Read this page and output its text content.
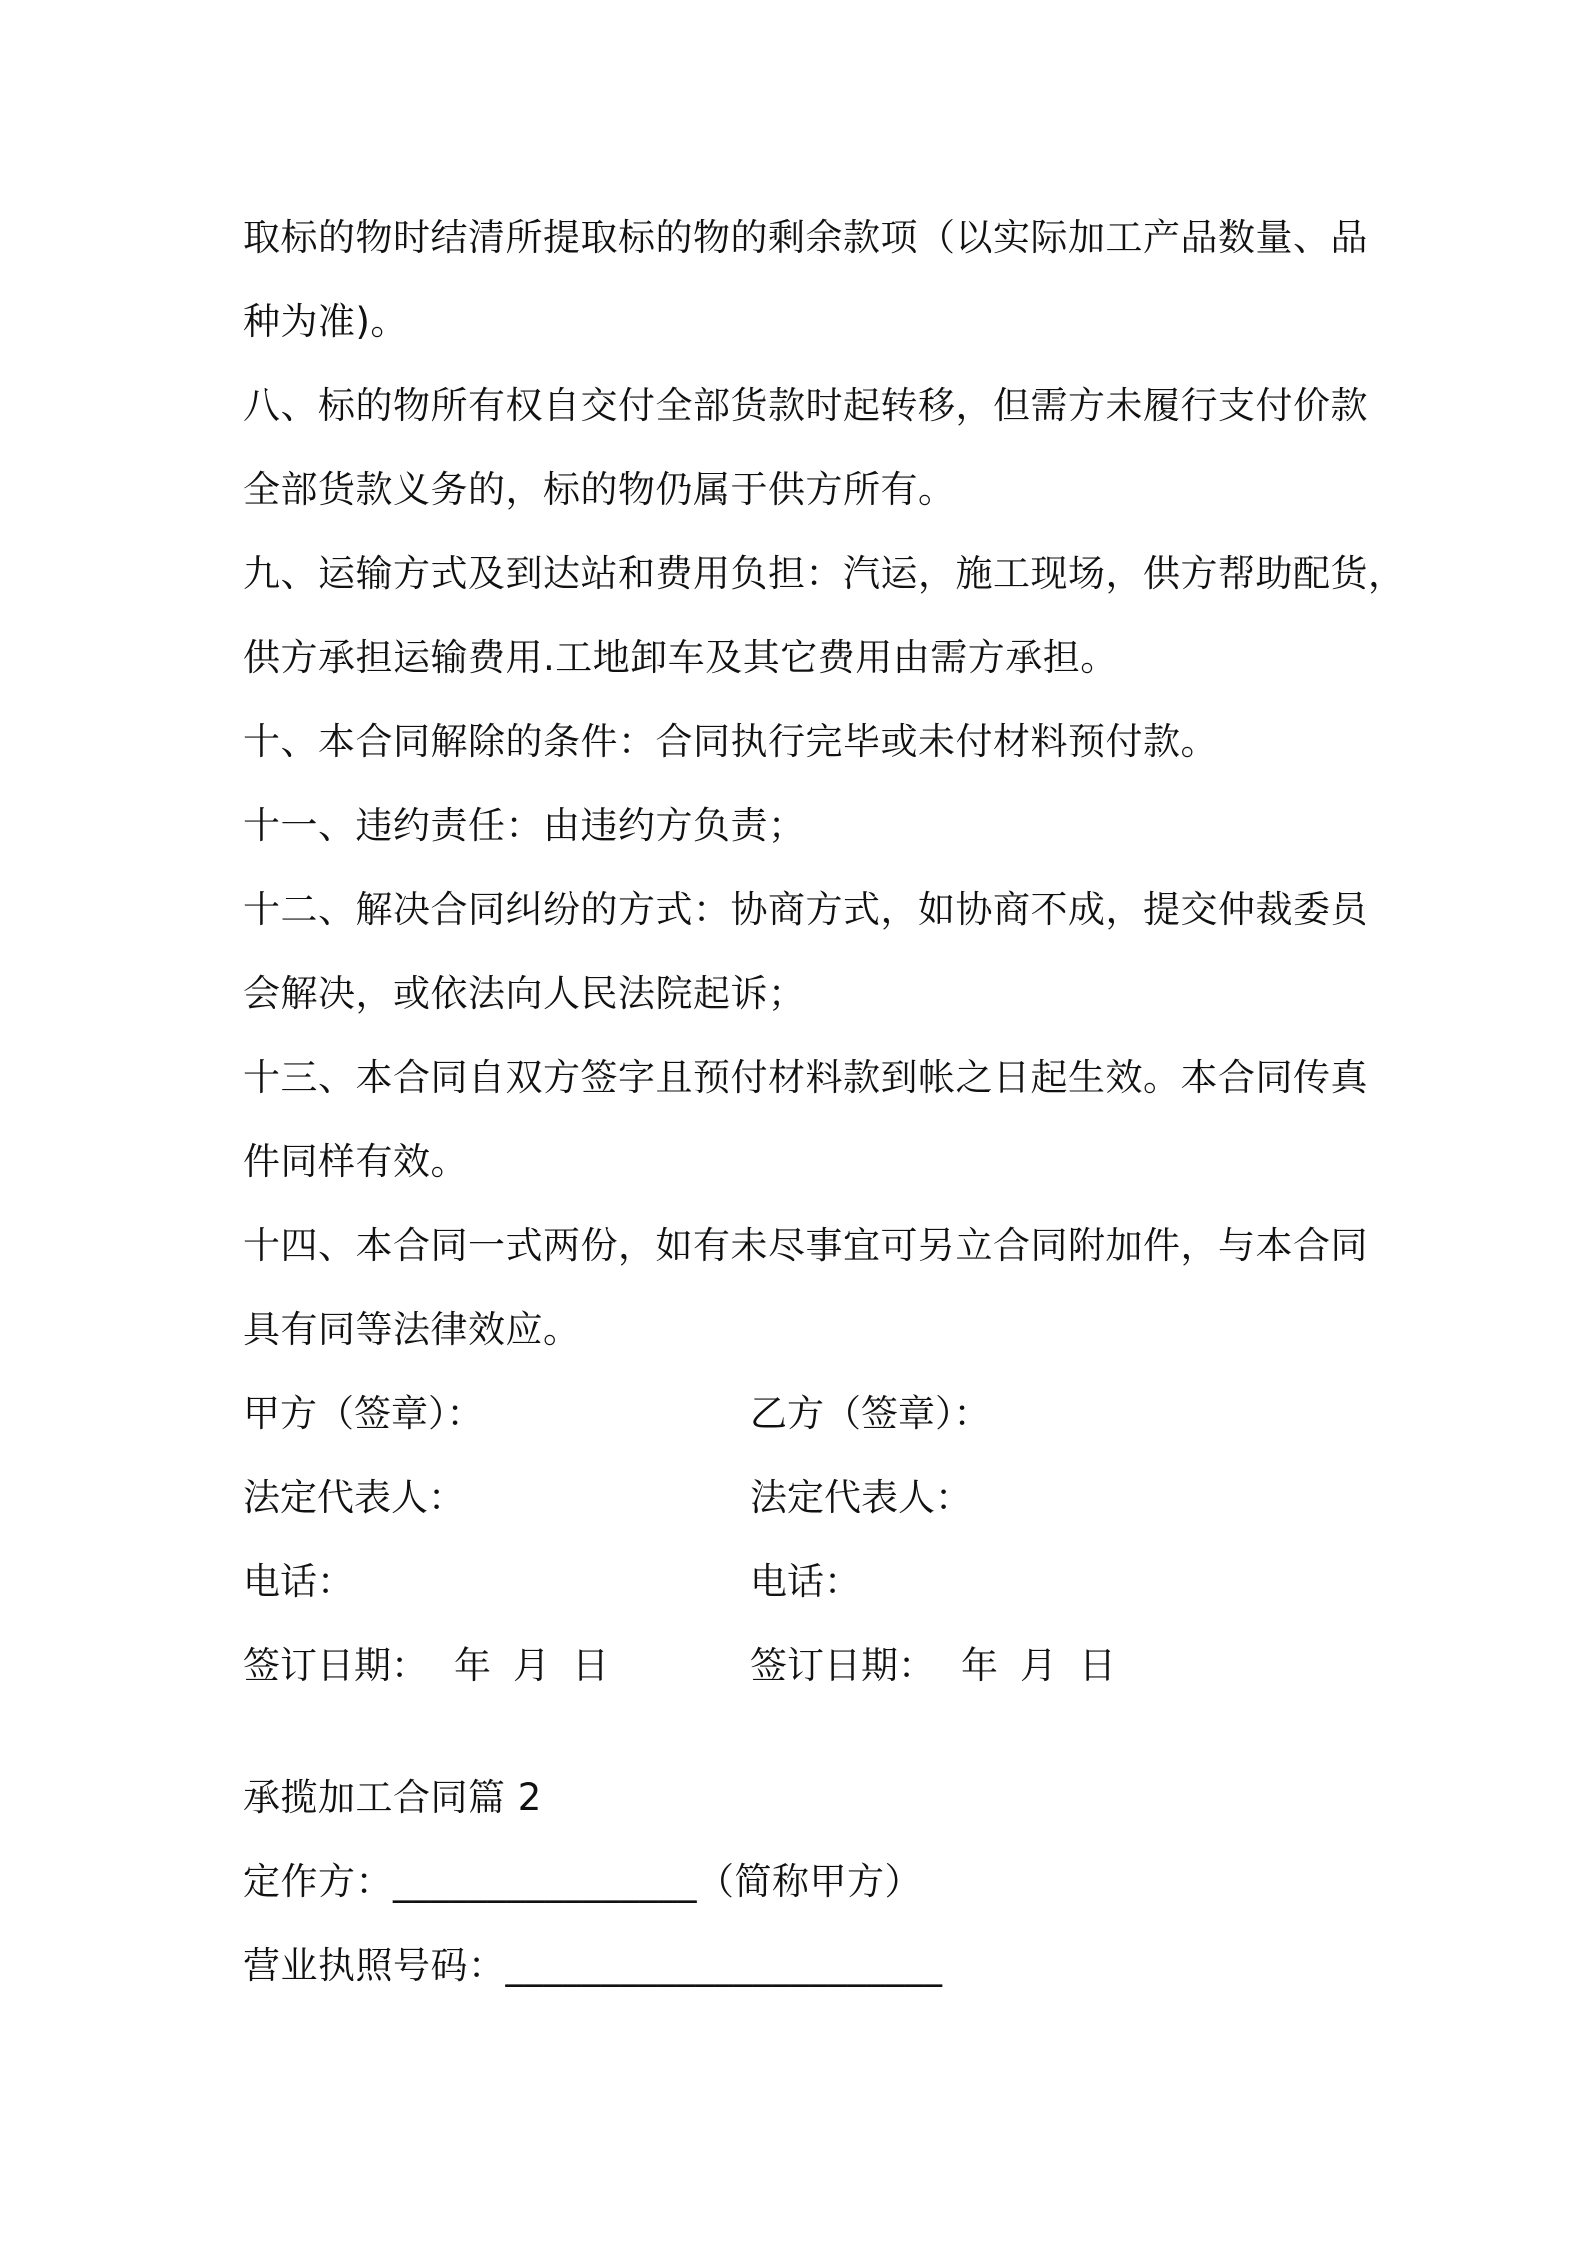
取标的物时结清所提取标的物的剩余款项（以实际加工产品数量、品
种为准)。
八、标的物所有权自交付全部货款时起转移，但需方未履行支付价款
全部货款义务的，标的物仍属于供方所有。
九、运输方式及到达站和费用负担：汽运，施工现场，供方帮助配货，
供方承担运输费用.工地卸车及其它费用由需方承担。
十、本合同解除的条件：合同执行完毕或未付材料预付款。
十一、违约责任：由违约方负责；
十二、解决合同纠纷的方式：协商方式，如协商不成，提交仲裁委员
会解决，或依法向人民法院起诉；
十三、本合同自双方签字且预付材料款到帐之日起生效。本合同传真
件同样有效。
十四、本合同一式两份，如有未尽事宜可另立合同附加件，与本合同
具有同等法律效应。
甲方（签章）：	乙方（签章）：
法定代表人：	法定代表人：
电话：	电话：
签订日期： 年 月 日	签订日期： 年 月 日
承揽加工合同篇 2
定作方：________________（简称甲方）
营业执照号码：_______________________
